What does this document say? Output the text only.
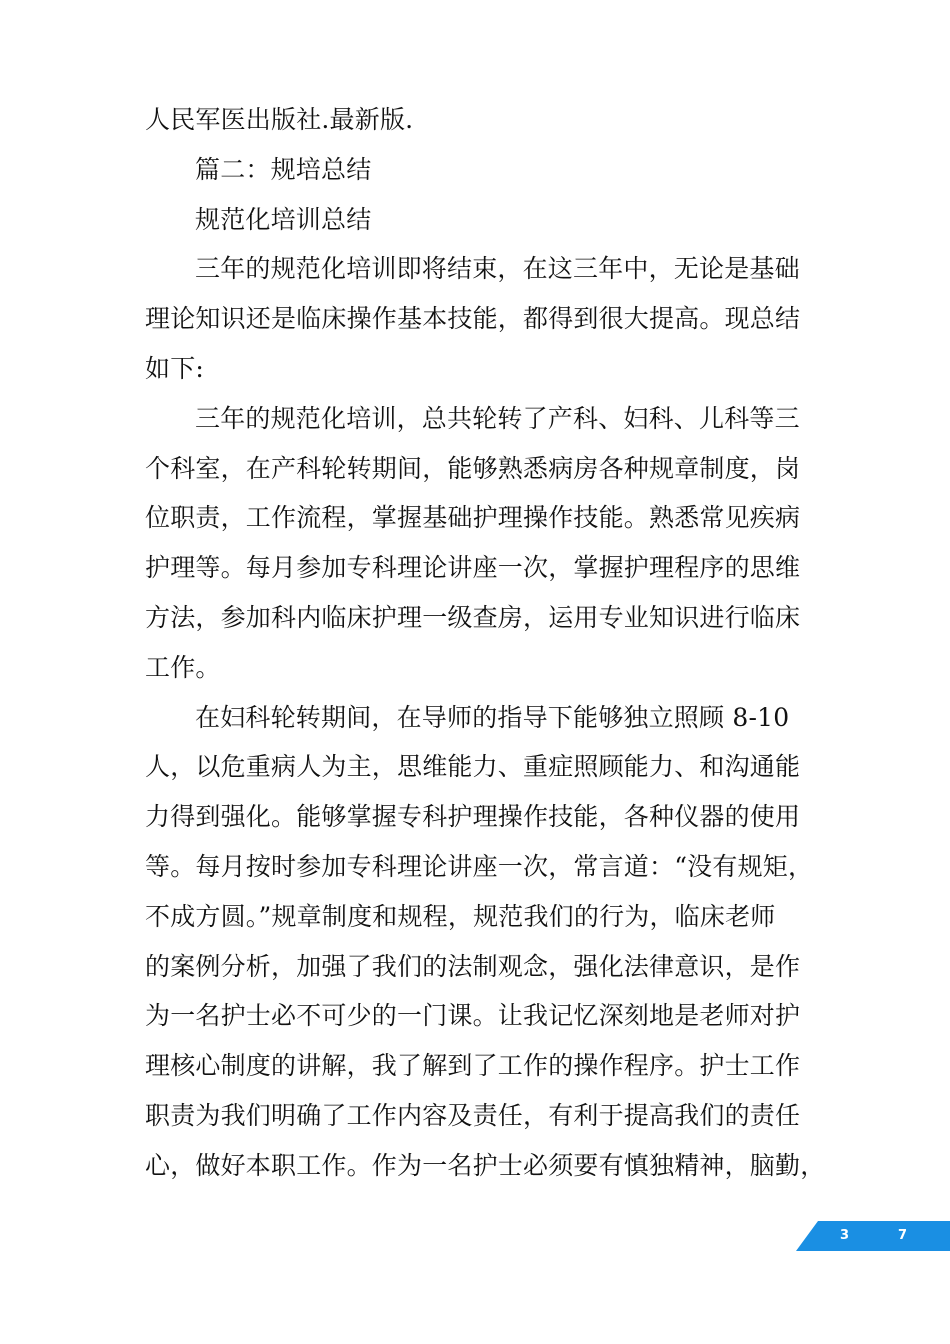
人民军医出版社.最新版.
篇二：规培总结
规范化培训总结
三年的规范化培训即将结束，在这三年中，无论是基础
理论知识还是临床操作基本技能，都得到很大提高。现总结
如下:
三年的规范化培训，总共轮转了产科、妇科、儿科等三
个科室，在产科轮转期间，能够熟悉病房各种规章制度，岗
位职责，工作流程，掌握基础护理操作技能。熟悉常见疾病
护理等。每月参加专科理论讲座一次，掌握护理程序的思维
方法，参加科内临床护理一级查房，运用专业知识进行临床
工作。
在妇科轮转期间，在导师的指导下能够独立照顾 8-10
人，以危重病人为主，思维能力、重症照顾能力、和沟通能
力得到强化。能够掌握专科护理操作技能，各种仪器的使用
等。每月按时参加专科理论讲座一次，常言道：“没有规矩，
不成方圆。”规章制度和规程，规范我们的行为，临床老师
的案例分析，加强了我们的法制观念，强化法律意识，是作
为一名护士必不可少的一门课。让我记忆深刻地是老师对护
理核心制度的讲解，我了解到了工作的操作程序。护士工作
职责为我们明确了工作内容及责任，有利于提高我们的责任
心，做好本职工作。作为一名护士必须要有慎独精神，脑勤，
3	7
